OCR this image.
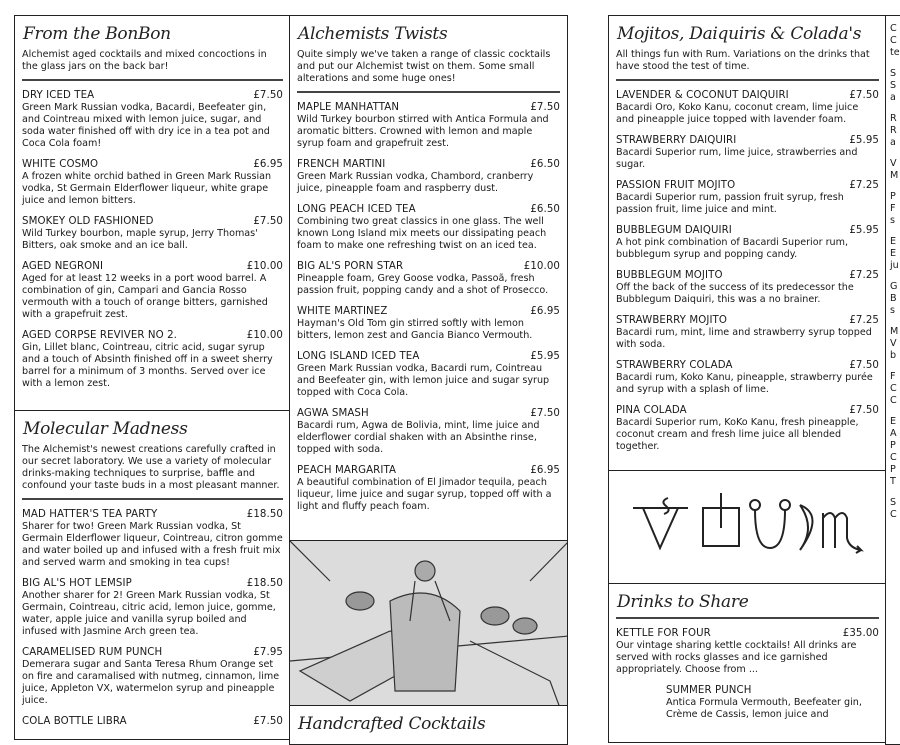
From the BonBon
Alchemist aged cocktails and mixed concoctions in the glass jars on the back bar!
DRY ICED TEA	£7.50
Green Mark Russian vodka, Bacardi, Beefeater gin, and Cointreau mixed with lemon juice, sugar, and soda water finished off with dry ice in a tea pot and Coca Cola foam!
WHITE COSMO	£6.95
A frozen white orchid bathed in Green Mark Russian vodka, St Germain Elderflower liqueur, white grape juice and lemon bitters.
SMOKEY OLD FASHIONED	£7.50
Wild Turkey bourbon, maple syrup, Jerry Thomas' Bitters, oak smoke and an ice ball.
AGED NEGRONI	£10.00
Aged for at least 12 weeks in a port wood barrel. A combination of gin, Campari and Gancia Rosso vermouth with a touch of orange bitters, garnished with a grapefruit zest.
AGED CORPSE REVIVER NO 2.	£10.00
Gin, Lillet blanc, Cointreau, citric acid, sugar syrup and a touch of Absinth finished off in a sweet sherry barrel for a minimum of 3 months. Served over ice with a lemon zest.
Molecular Madness
The Alchemist's newest creations carefully crafted in our secret laboratory. We use a variety of molecular drinks-making techniques to surprise, baffle and confound your taste buds in a most pleasant manner.
MAD HATTER'S TEA PARTY	£18.50
Sharer for two! Green Mark Russian vodka, St Germain Elderflower liqueur, Cointreau, citron gomme and water boiled up and infused with a fresh fruit mix and served warm and smoking in tea cups!
BIG AL'S HOT LEMSIP	£18.50
Another sharer for 2! Green Mark Russian vodka, St Germain, Cointreau, citric acid, lemon juice, gomme, water, apple juice and vanilla syrup boiled and infused with Jasmine Arch green tea.
CARAMELISED RUM PUNCH	£7.95
Demerara sugar and Santa Teresa Rhum Orange set on fire and caramalised with nutmeg, cinnamon, lime juice, Appleton VX, watermelon syrup and pineapple juice.
COLA BOTTLE LIBRA	£7.50
Alchemists Twists
Quite simply we've taken a range of classic cocktails and put our Alchemist twist on them. Some small alterations and some huge ones!
MAPLE MANHATTAN	£7.50
Wild Turkey bourbon stirred with Antica Formula and aromatic bitters. Crowned with lemon and maple syrup foam and grapefruit zest.
FRENCH MARTINI	£6.50
Green Mark Russian vodka, Chambord, cranberry juice, pineapple foam and raspberry dust.
LONG PEACH ICED TEA	£6.50
Combining two great classics in one glass. The well known Long Island mix meets our dissipating peach foam to make one refreshing twist on an iced tea.
BIG AL'S PORN STAR	£10.00
Pineapple foam, Grey Goose vodka, Passoã, fresh passion fruit, popping candy and a shot of Prosecco.
WHITE MARTINEZ	£6.95
Hayman's Old Tom gin stirred softly with lemon bitters, lemon zest and Gancia Bianco Vermouth.
LONG ISLAND ICED TEA	£5.95
Green Mark Russian vodka, Bacardi rum, Cointreau and Beefeater gin, with lemon juice and sugar syrup topped with Coca Cola.
AGWA SMASH	£7.50
Bacardi rum, Agwa de Bolivia, mint, lime juice and elderflower cordial shaken with an Absinthe rinse, topped with soda.
PEACH MARGARITA	£6.95
A beautiful combination of El Jimador tequila, peach liqueur, lime juice and sugar syrup, topped off with a light and fluffy peach foam.
Handcrafted Cocktails
Mojitos, Daiquiris & Colada's
All things fun with Rum. Variations on the drinks that have stood the test of time.
LAVENDER & COCONUT DAIQUIRI	£7.50
Bacardi Oro, Koko Kanu, coconut cream, lime juice and pineapple juice topped with lavender foam.
STRAWBERRY DAIQUIRI	£5.95
Bacardi Superior rum, lime juice, strawberries and sugar.
PASSION FRUIT MOJITO	£7.25
Bacardi Superior rum, passion fruit syrup, fresh passion fruit, lime juice and mint.
BUBBLEGUM DAIQUIRI	£5.95
A hot pink combination of Bacardi Superior rum, bubblegum syrup and popping candy.
BUBBLEGUM MOJITO	£7.25
Off the back of the success of its predecessor the Bubblegum Daiquiri, this was a no brainer.
STRAWBERRY MOJITO	£7.25
Bacardi rum, mint, lime and strawberry syrup topped with soda.
STRAWBERRY COLADA	£7.50
Bacardi rum, Koko Kanu, pineapple, strawberry purée and syrup with a splash of lime.
PINA COLADA	£7.50
Bacardi Superior rum, KoKo Kanu, fresh pineapple, coconut cream and fresh lime juice all blended together.
Drinks to Share
KETTLE FOR FOUR	£35.00
Our vintage sharing kettle cocktails! All drinks are served with rocks glasses and ice garnished appropriately. Choose from ...
SUMMER PUNCH
Antica Formula Vermouth, Beefeater gin, Crème de Cassis, lemon juice and
C
C
te
S
S
a
R
R
a
V
M
P
F
s
E
E
ju
G
B
s
M
V
b
F
C
C
E
A
P
C
P
T
S
C
